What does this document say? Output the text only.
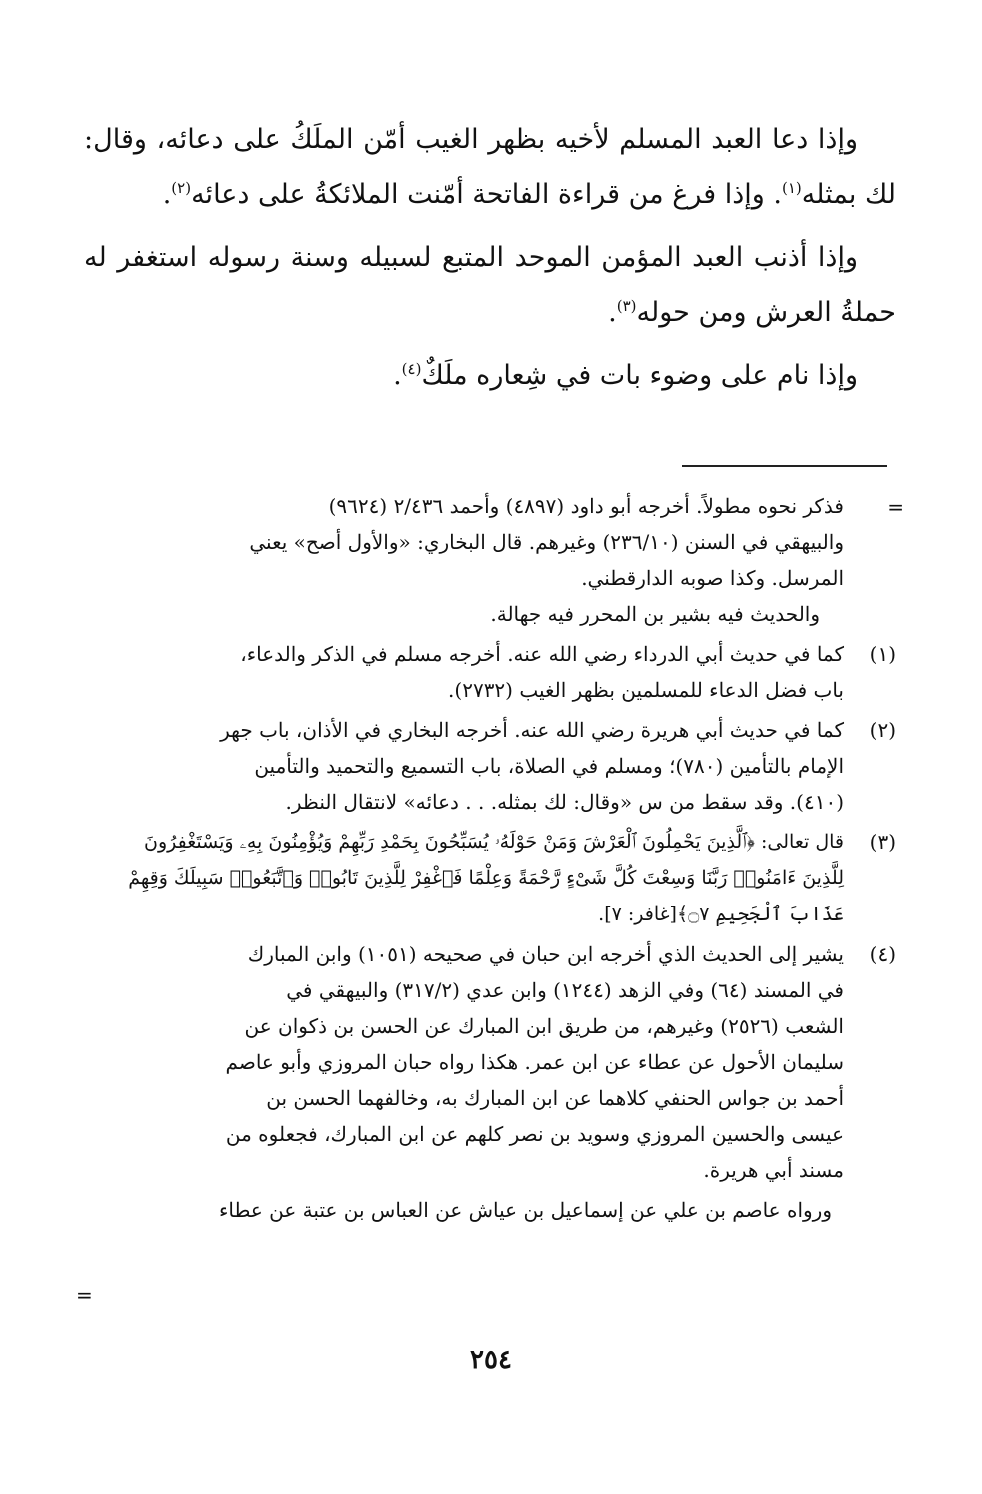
وإذا دعا العبد المسلم لأخيه بظهر الغيب أمّن الملَكُ على دعائه، وقال: لك بمثله$^{(١)}$. وإذا فرغ من قراءة الفاتحة أمّنت الملائكةُ على دعائه$^{(٢)}$.

وإذا أذنب العبد المؤمن الموحد المتبع لسبيله وسنة رسوله استغفر له حملةُ العرش ومن حوله$^{(٣)}$.

وإذا نام على وضوء بات في شِعاره ملَكٌ$^{(٤)}$.

=
فذكر نحوه مطولاً. أخرجه أبو داود (٤٨٩٧) وأحمد ٢/٤٣٦ (٩٦٢٤)
والبيهقي في السنن (٢٣٦/١٠) وغيرهم. قال البخاري: «والأول أصح» يعني
المرسل. وكذا صوبه الدارقطني.
والحديث فيه بشير بن المحرر فيه جهالة.
(١)
كما في حديث أبي الدرداء رضي الله عنه. أخرجه مسلم في الذكر والدعاء،
باب فضل الدعاء للمسلمين بظهر الغيب (٢٧٣٢).
(٢)
كما في حديث أبي هريرة رضي الله عنه. أخرجه البخاري في الأذان، باب جهر
الإمام بالتأمين (٧٨٠)؛ ومسلم في الصلاة، باب التسميع والتحميد والتأمين
(٤١٠). وقد سقط من س «وقال: لك بمثله. . . دعائه» لانتقال النظر.
(٣)
قال تعالى: ﴿ٱلَّذِينَ يَحْمِلُونَ ٱلْعَرْشَ وَمَنْ حَوْلَهُۥ يُسَبِّحُونَ بِحَمْدِ رَبِّهِمْ وَيُؤْمِنُونَ بِهِۦ وَيَسْتَغْفِرُونَ
لِلَّذِينَ ءَامَنُوا۟ رَبَّنَا وَسِعْتَ كُلَّ شَىْءٍ رَّحْمَةً وَعِلْمًا فَٱغْفِرْ لِلَّذِينَ تَابُوا۟ وَٱتَّبَعُوا۟ سَبِيلَكَ وَقِهِمْ
عَذَابَ ٱلْجَحِيمِ ۝٧﴾[غافر: ٧].
(٤)
يشير إلى الحديث الذي أخرجه ابن حبان في صحيحه (١٠٥١) وابن المبارك
في المسند (٦٤) وفي الزهد (١٢٤٤) وابن عدي (٣١٧/٢) والبيهقي في
الشعب (٢٥٢٦) وغيرهم، من طريق ابن المبارك عن الحسن بن ذكوان عن
سليمان الأحول عن عطاء عن ابن عمر. هكذا رواه حبان المروزي وأبو عاصم
أحمد بن جواس الحنفي كلاهما عن ابن المبارك به، وخالفهما الحسن بن
عيسى والحسين المروزي وسويد بن نصر كلهم عن ابن المبارك، فجعلوه من
مسند أبي هريرة.
ورواه عاصم بن علي عن إسماعيل بن عياش عن العباس بن عتبة عن عطاء
=
٢٥٤
